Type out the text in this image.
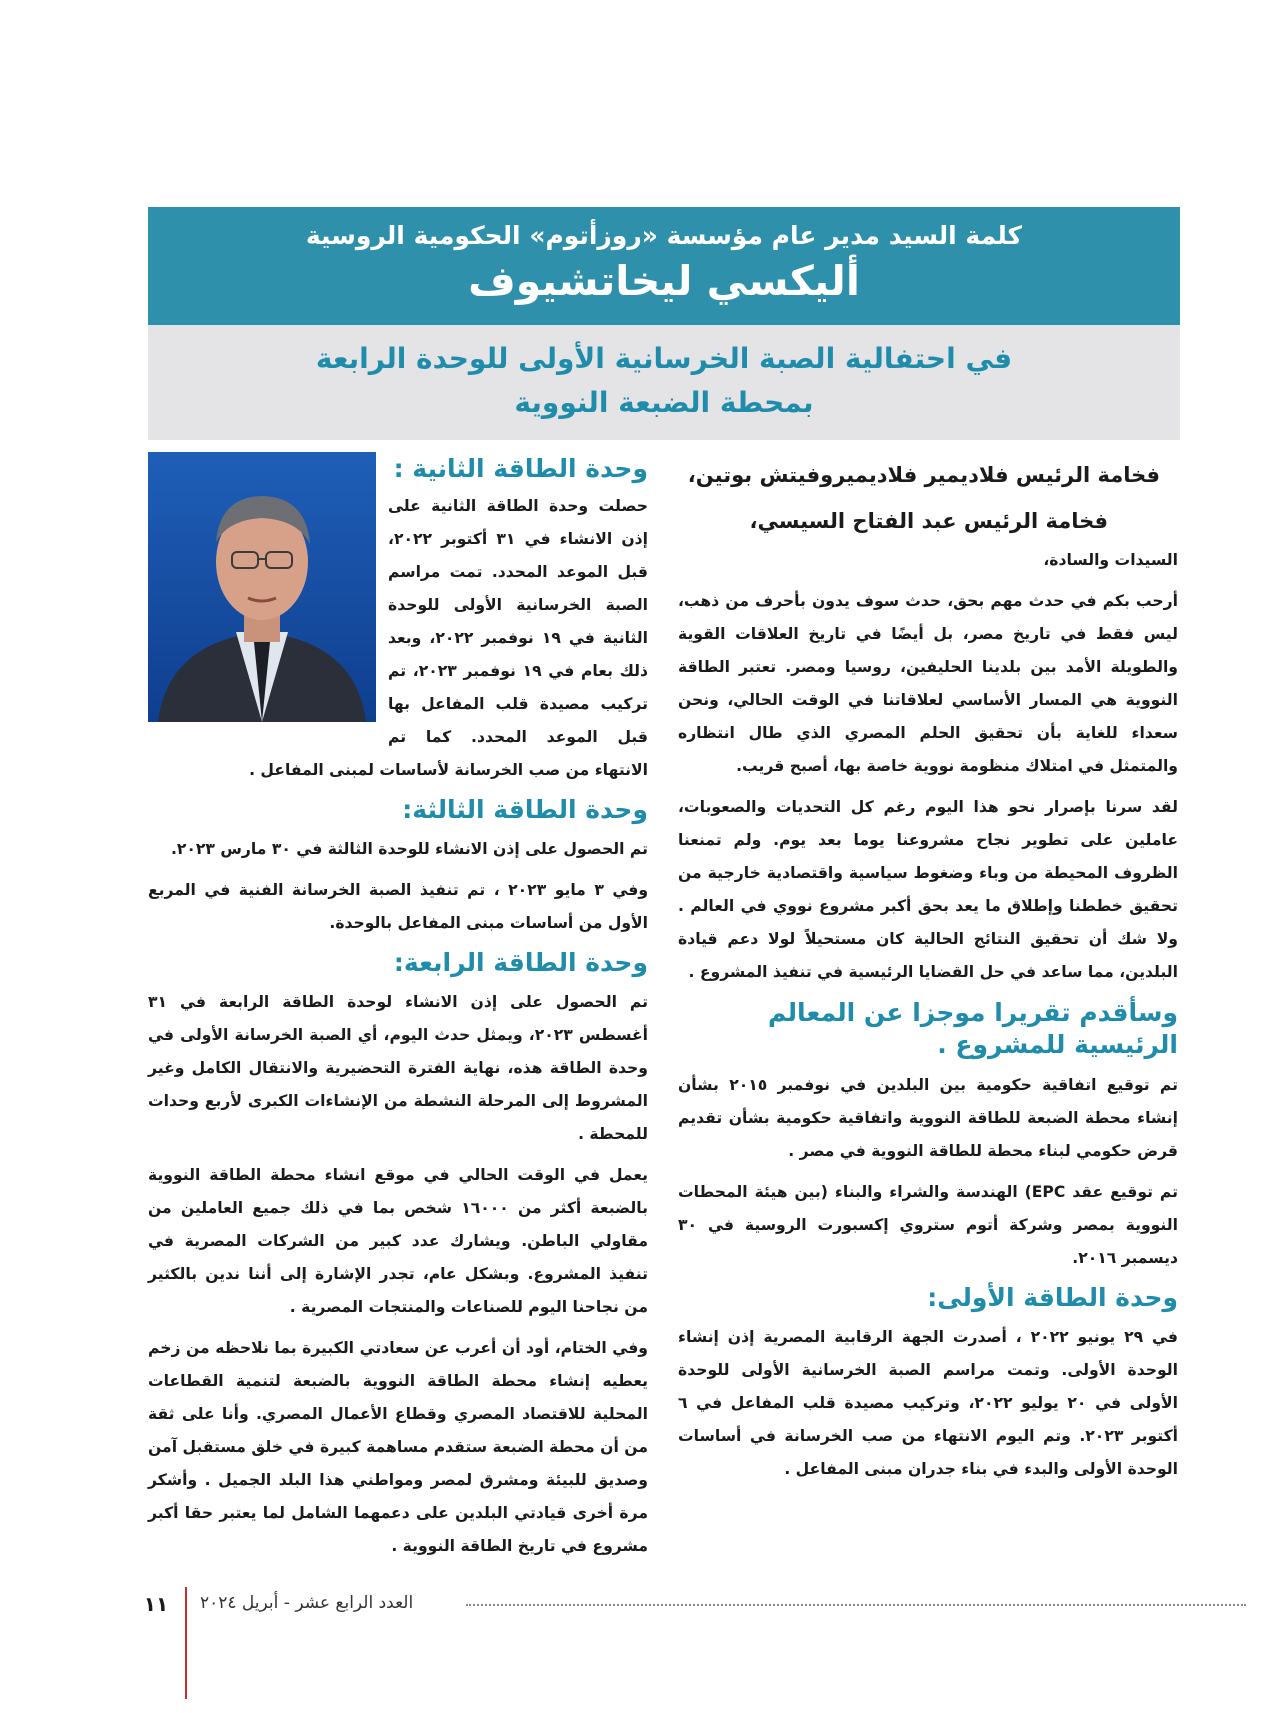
كلمة السيد مدير عام مؤسسة «روزأتوم» الحكومية الروسية
أليكسي ليخاتشيوف
في احتفالية الصبة الخرسانية الأولى للوحدة الرابعة
بمحطة الضبعة النووية

فخامة الرئيس فلاديمير فلاديميروفيتش بوتين،

فخامة الرئيس عبد الفتاح السيسي،

السيدات والسادة،

أرحب بكم في حدث مهم بحق، حدث سوف يدون بأحرف من ذهب، ليس فقط في تاريخ مصر، بل أيضًا في تاريخ العلاقات القوية والطويلة الأمد بين بلدينا الحليفين، روسيا ومصر. تعتبر الطاقة النووية هي المسار الأساسي لعلاقاتنا في الوقت الحالي، ونحن سعداء للغاية بأن تحقيق الحلم المصري الذي طال انتظاره والمتمثل في امتلاك منظومة نووية خاصة بها، أصبح قريب.

لقد سرنا بإصرار نحو هذا اليوم رغم كل التحديات والصعوبات، عاملين على تطوير نجاح مشروعنا يوما بعد يوم. ولم تمنعنا الظروف المحيطة من وباء وضغوط سياسية واقتصادية خارجية من تحقيق خططنا وإطلاق ما يعد بحق أكبر مشروع نووي في العالم . ولا شك أن تحقيق النتائج الحالية كان مستحيلاً لولا دعم قيادة البلدين، مما ساعد في حل القضايا الرئيسية في تنفيذ المشروع .

وسأقدم تقريرا موجزا عن المعالم الرئيسية للمشروع .

تم توقيع اتفاقية حكومية بين البلدين في نوفمبر ٢٠١٥ بشأن إنشاء محطة الضبعة للطاقة النووية واتفاقية حكومية بشأن تقديم قرض حكومي لبناء محطة للطاقة النووية في مصر .

تم توقيع عقد EPC) الهندسة والشراء والبناء (بين هيئة المحطات النووية بمصر وشركة أتوم ستروي إكسبورت الروسية في ٣٠ ديسمبر ٢٠١٦.

وحدة الطاقة الأولى:

في ٢٩ يونيو ٢٠٢٢ ، أصدرت الجهة الرقابية المصرية إذن إنشاء الوحدة الأولى. وتمت مراسم الصبة الخرسانية الأولى للوحدة الأولى في ٢٠ يوليو ٢٠٢٢، وتركيب مصيدة قلب المفاعل في ٦ أكتوبر ٢٠٢٣. وتم اليوم الانتهاء من صب الخرسانة في أساسات الوحدة الأولى والبدء في بناء جدران مبنى المفاعل .

وحدة الطاقة الثانية :

حصلت وحدة الطاقة الثانية على إذن الانشاء في ٣١ أكتوبر ٢٠٢٢، قبل الموعد المحدد. تمت مراسم الصبة الخرسانية الأولى للوحدة الثانية في ١٩ نوفمبر ٢٠٢٢، وبعد ذلك بعام في ١٩ نوفمبر ٢٠٢٣، تم تركيب مصيدة قلب المفاعل بها قبل الموعد المحدد. كما تم الانتهاء من صب الخرسانة لأساسات لمبنى المفاعل .

وحدة الطاقة الثالثة:

تم الحصول على إذن الانشاء للوحدة الثالثة في ٣٠ مارس ٢٠٢٣.

وفي ٣ مايو ٢٠٢٣ ، تم تنفيذ الصبة الخرسانة الفنية في المربع الأول من أساسات مبنى المفاعل بالوحدة.

وحدة الطاقة الرابعة:

تم الحصول على إذن الانشاء لوحدة الطاقة الرابعة في ٣١ أغسطس ٢٠٢٣، ويمثل حدث اليوم، أي الصبة الخرسانة الأولى في وحدة الطاقة هذه، نهاية الفترة التحضيرية والانتقال الكامل وغير المشروط إلى المرحلة النشطة من الإنشاءات الكبرى لأربع وحدات للمحطة .

يعمل في الوقت الحالي في موقع انشاء محطة الطاقة النووية بالضبعة أكثر من ١٦٠٠٠ شخص بما في ذلك جميع العاملين من مقاولي الباطن. ويشارك عدد كبير من الشركات المصرية في تنفيذ المشروع. وبشكل عام، تجدر الإشارة إلى أننا ندين بالكثير من نجاحنا اليوم للصناعات والمنتجات المصرية .

وفي الختام، أود أن أعرب عن سعادتي الكبيرة بما نلاحظه من زخم يعطيه إنشاء محطة الطاقة النووية بالضبعة لتنمية القطاعات المحلية للاقتصاد المصري وقطاع الأعمال المصري. وأنا على ثقة من أن محطة الضبعة ستقدم مساهمة كبيرة في خلق مستقبل آمن وصديق للبيئة ومشرق لمصر ومواطني هذا البلد الجميل . وأشكر مرة أخرى قيادتي البلدين على دعمهما الشامل لما يعتبر حقا أكبر مشروع في تاريخ الطاقة النووية .

العدد الرابع عشر - أبريل ٢٠٢٤
١١
